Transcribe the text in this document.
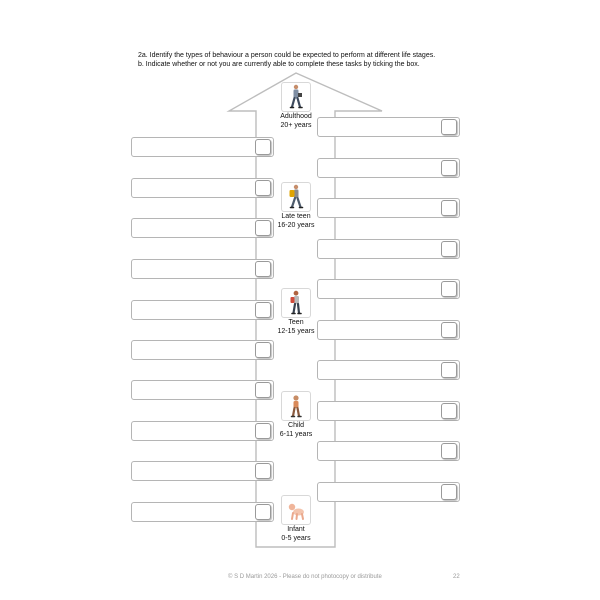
2a. Identify the types of behaviour a person could be expected to perform at different life stages.
b. Indicate whether or not you are currently able to complete these tasks by ticking the box.
Adulthood
20+ years
Late teen
16-20 years
Teen
12-15 years
Child
6-11 years
Infant
0-5 years
© S D Martin 2026 - Please do not photocopy or distribute	22
